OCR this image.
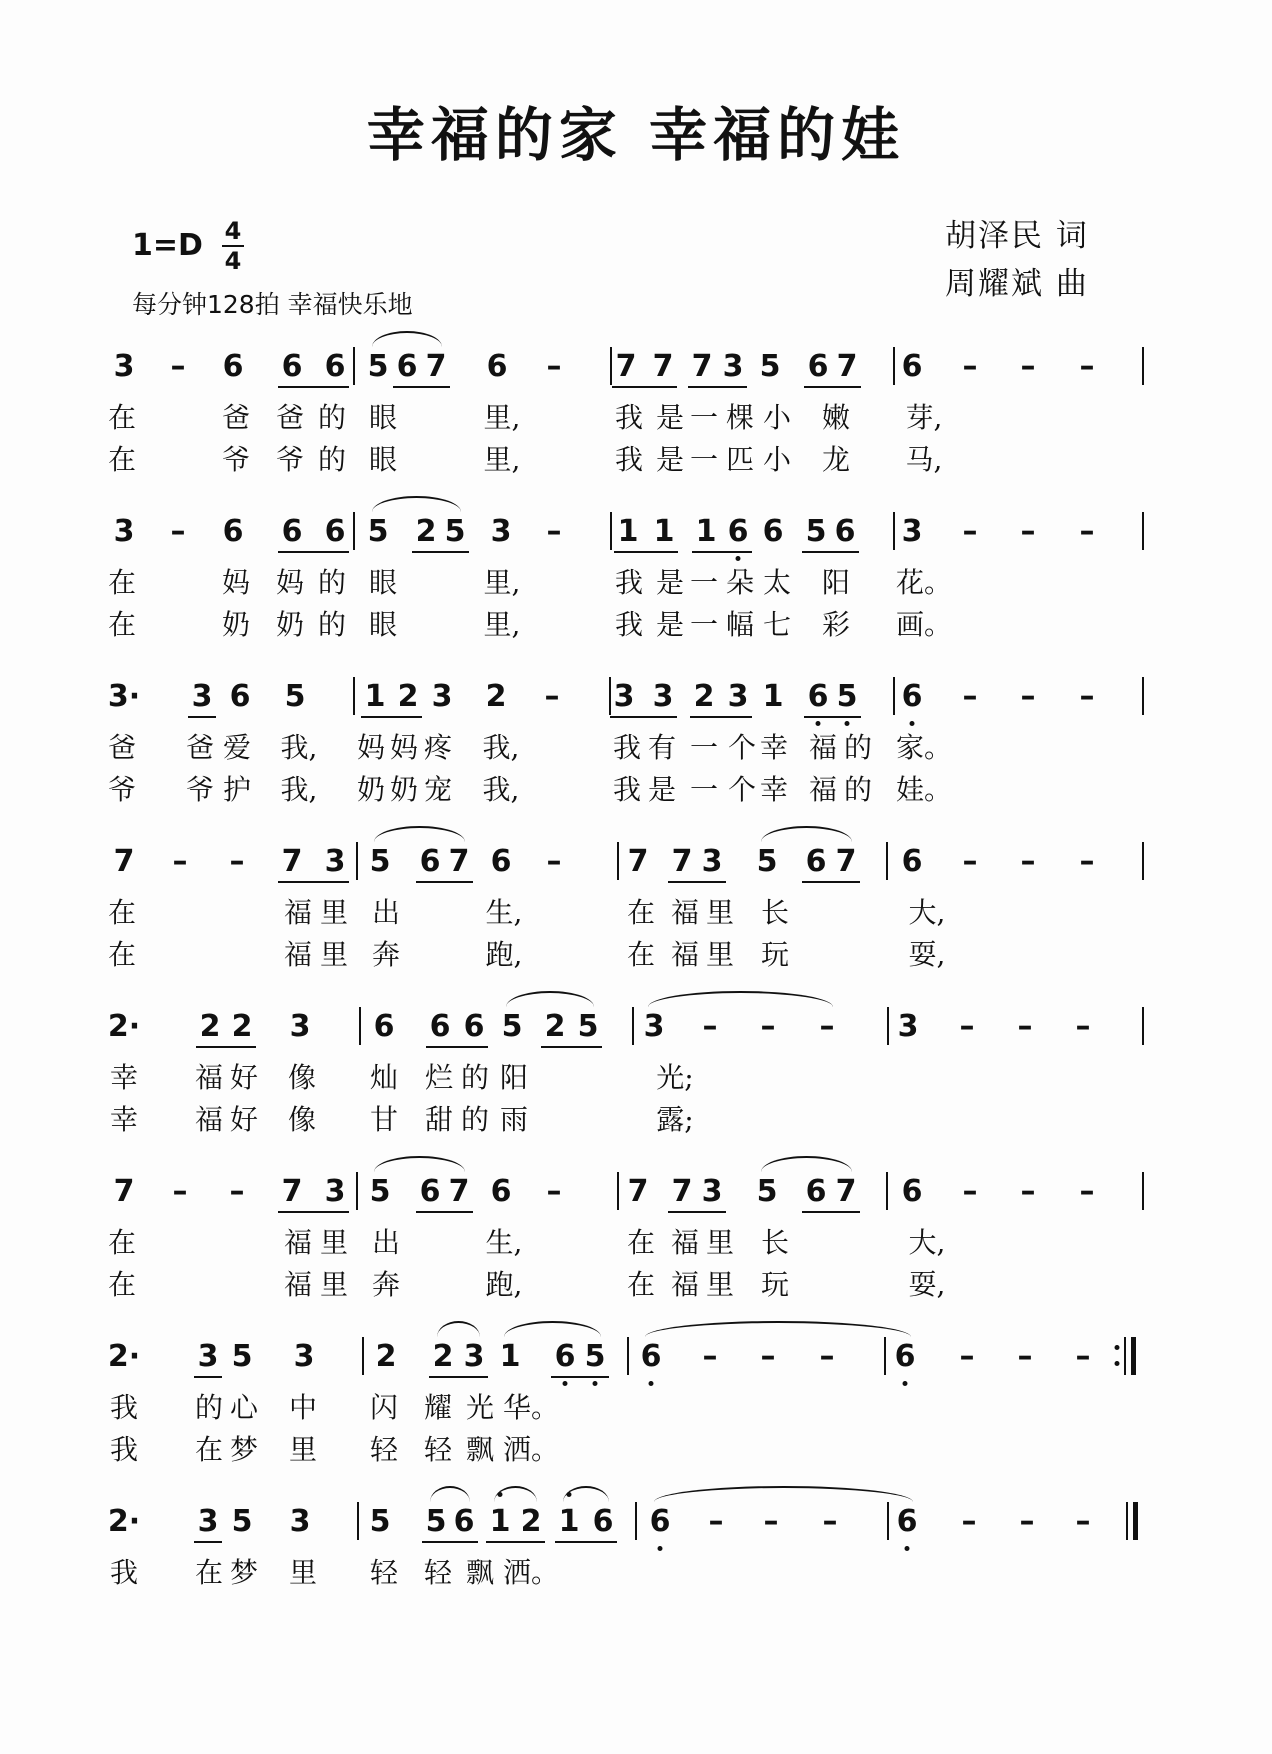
幸福的家 幸福的娃
1=D 4
4
每分钟128拍 幸福快乐地
胡泽民 词
周耀斌 曲
3 – 6 6 6 5 6 7 6 – 7 7 7 3 5 6 7 6 – – –
在	爸 爸 的 眼	里,	我 是 一 棵 小 嫩 芽,
在	爷 爷 的 眼	里,	我 是 一 匹 小 龙 马,
3 – 6 6 6 5 2 5 3 – 1 1 1 6 6 5 6 3 – – –
在	妈 妈 的 眼	里,	我 是 一 朵 太 阳 花。
在	奶 奶 的 眼	里,	我 是 一 幅 七 彩 画。
3· 3 6 5 1 2 3 2 – 3 3 2 3 1 6 5 6 – – –
爸 爸 爱 我, 妈 妈 疼 我,	我 有 一 个 幸 福 的 家。
爷 爷 护 我, 奶 奶 宠 我,	我 是 一 个 幸 福 的 娃。
7 – – 7 3 5 6 7 6 – 7 7 3 5 6 7 6 – – –
在	福 里 出	生,	在 福 里 长	大,
在	福 里 奔	跑,	在 福 里 玩	耍,
2· 2 2 3 6 6 6 5 2 5 3 – – – 3 – – –
幸 福 好 像 灿 烂 的 阳	光;
幸 福 好 像 甘 甜 的 雨	露;
7 – – 7 3 5 6 7 6 – 7 7 3 5 6 7 6 – – –
在	福 里 出	生,	在 福 里 长	大,
在	福 里 奔	跑,	在 福 里 玩	耍,
2· 3 5 3 2 2 3 1 6 5 6 – – – 6 – – –
我 的 心 中 闪 耀 光 华。
我 在 梦 里 轻 轻 飘 洒。
2· 3 5 3 5 5 6 1 2 1 6 6 – – – 6 – – –
我 在 梦 里 轻 轻 飘 洒。
